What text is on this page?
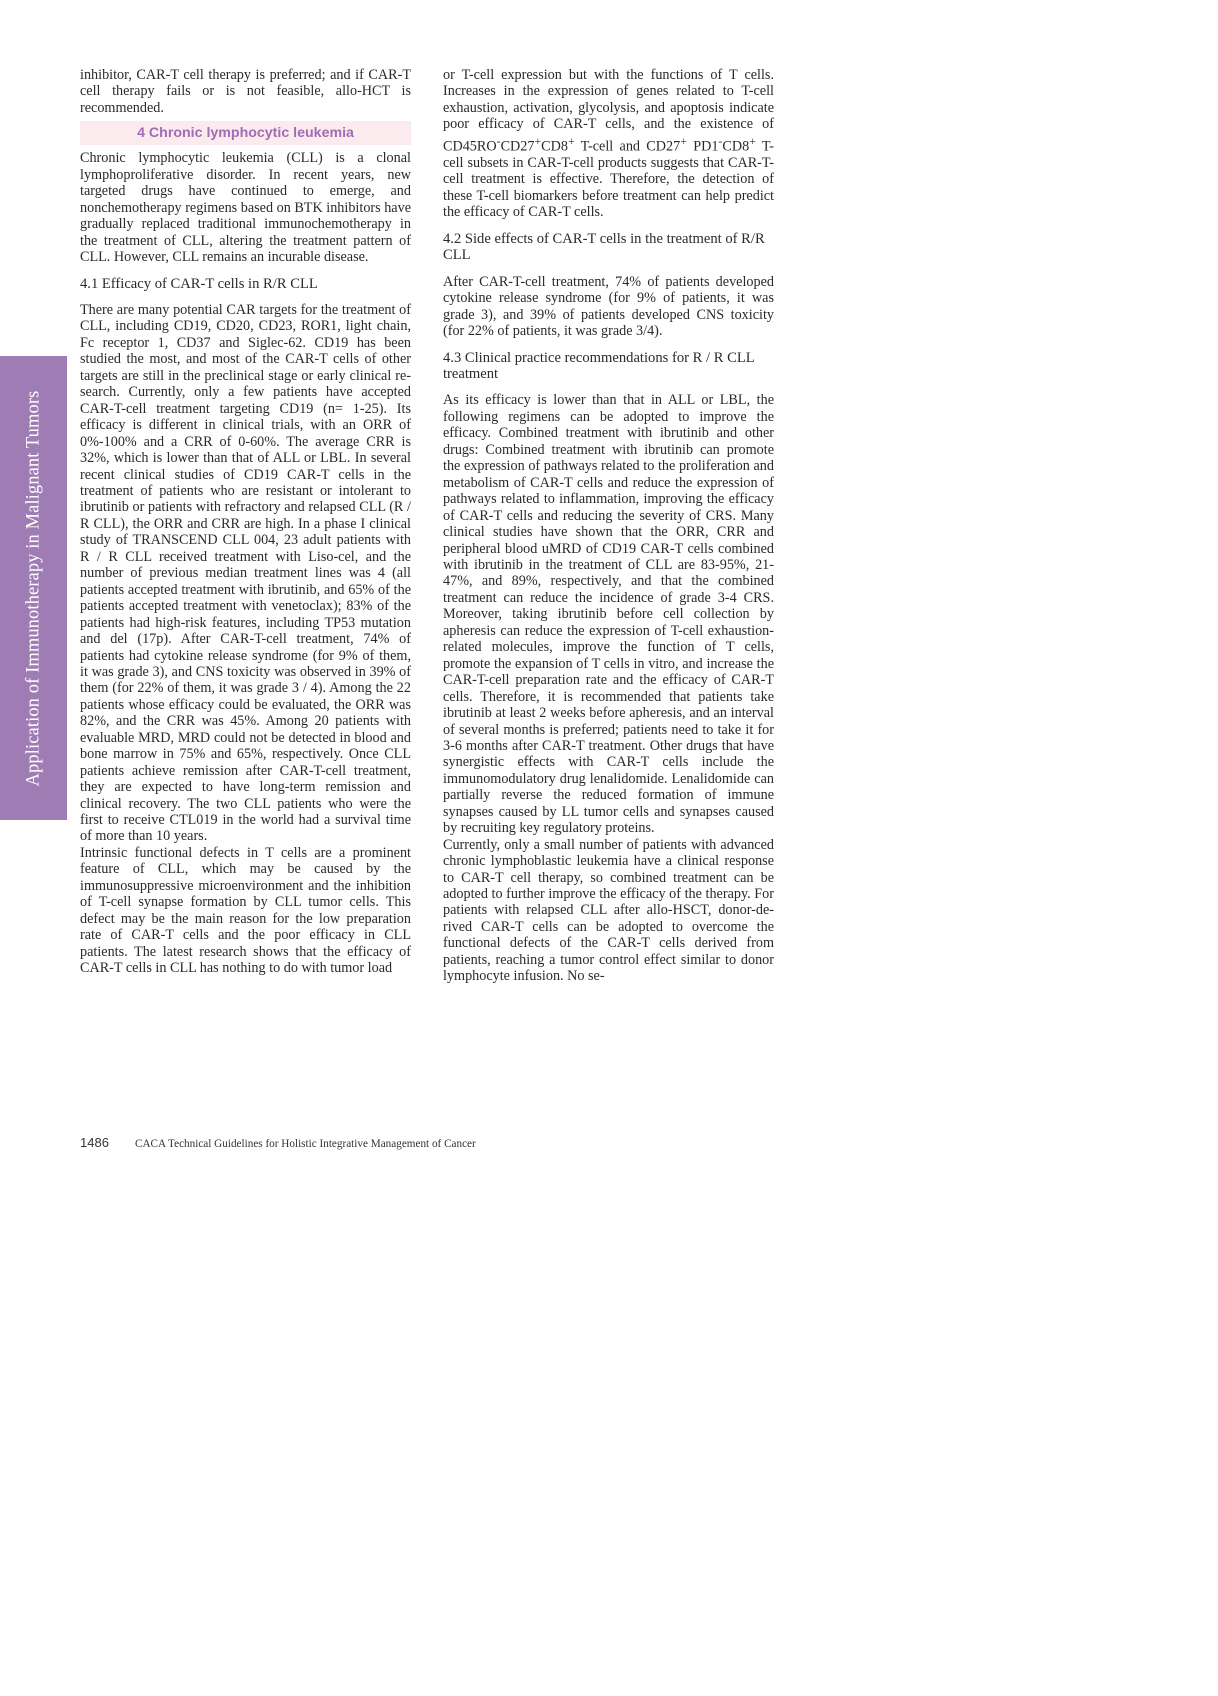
Application of Immunotherapy in Malignant Tumors

inhibitor, CAR-T cell therapy is preferred; and if CAR-T cell therapy fails or is not feasible, allo-HCT is recommended.

4 Chronic lymphocytic leukemia

Chronic lymphocytic leukemia (CLL) is a clonal lymphoproliferative disorder. In recent years, new targeted drugs have continued to emerge, and nonchemotherapy regimens based on BTK inhibitors have gradually replaced traditional immunochemotherapy in the treatment of CLL, altering the treatment pattern of CLL. However, CLL remains an incurable disease.

4.1 Efficacy of CAR-T cells in R/R CLL

There are many potential CAR targets for the treatment of CLL, including CD19, CD20, CD23, ROR1, light chain, Fc receptor 1, CD37 and Siglec-62. CD19 has been studied the most, and most of the CAR-T cells of other targets are still in the preclinical stage or early clinical research. Currently, only a few patients have accepted CAR-T-cell treatment targeting CD19 (n= 1-25). Its efficacy is different in clinical trials, with an ORR of 0%-100% and a CRR of 0-60%. The average CRR is 32%, which is lower than that of ALL or LBL. In several recent clinical studies of CD19 CAR-T cells in the treatment of patients who are resistant or intolerant to ibrutinib or patients with refractory and relapsed CLL (R / R CLL), the ORR and CRR are high. In a phase I clinical study of TRANSCEND CLL 004, 23 adult patients with R / R CLL received treatment with Liso-cel, and the number of previous median treatment lines was 4 (all patients accepted treatment with ibrutinib, and 65% of the patients accepted treatment with venetoclax); 83% of the patients had high-risk features, including TP53 mutation and del (17p). After CAR-T-cell treatment, 74% of patients had cytokine release syndrome (for 9% of them, it was grade 3), and CNS toxicity was observed in 39% of them (for 22% of them, it was grade 3 / 4). Among the 22 patients whose efficacy could be evaluated, the ORR was 82%, and the CRR was 45%. Among 20 patients with evaluable MRD, MRD could not be detected in blood and bone marrow in 75% and 65%, respectively. Once CLL patients achieve remission after CAR-T-cell treatment, they are expected to have long-term remission and clinical recovery. The two CLL patients who were the first to receive CTL019 in the world had a survival time of more than 10 years.

Intrinsic functional defects in T cells are a prominent feature of CLL, which may be caused by the immunosuppressive microenvironment and the inhibition of T-cell synapse formation by CLL tumor cells. This defect may be the main reason for the low preparation rate of CAR-T cells and the poor efficacy in CLL patients. The latest research shows that the efficacy of CAR-T cells in CLL has nothing to do with tumor load

or T-cell expression but with the functions of T cells. Increases in the expression of genes related to T-cell exhaustion, activation, glycolysis, and apoptosis indicate poor efficacy of CAR-T cells, and the existence of CD45RO-CD27+CD8+ T-cell and CD27+ PD1-CD8+ T-cell subsets in CAR-T-cell products suggests that CAR-T-cell treatment is effective. Therefore, the detection of these T-cell biomarkers before treatment can help predict the efficacy of CAR-T cells.

4.2 Side effects of CAR-T cells in the treatment of R/R CLL

After CAR-T-cell treatment, 74% of patients developed cytokine release syndrome (for 9% of patients, it was grade 3), and 39% of patients developed CNS toxicity (for 22% of patients, it was grade 3/4).

4.3 Clinical practice recommendations for R / R CLL treatment

As its efficacy is lower than that in ALL or LBL, the following regimens can be adopted to improve the efficacy. Combined treatment with ibrutinib and other drugs: Combined treatment with ibrutinib can promote the expression of pathways related to the proliferation and metabolism of CAR-T cells and reduce the expression of pathways related to inflammation, improving the efficacy of CAR-T cells and reducing the severity of CRS. Many clinical studies have shown that the ORR, CRR and peripheral blood uMRD of CD19 CAR-T cells combined with ibrutinib in the treatment of CLL are 83-95%, 21-47%, and 89%, respectively, and that the combined treatment can reduce the incidence of grade 3-4 CRS. Moreover, taking ibrutinib before cell collection by apheresis can reduce the expression of T-cell exhaustion-related molecules, improve the function of T cells, promote the expansion of T cells in vitro, and increase the CAR-T-cell preparation rate and the efficacy of CAR-T cells. Therefore, it is recommended that patients take ibrutinib at least 2 weeks before apheresis, and an interval of several months is preferred; patients need to take it for 3-6 months after CAR-T treatment. Other drugs that have synergistic effects with CAR-T cells include the immunomodulatory drug lenalidomide. Lenalidomide can partially reverse the reduced formation of immune synapses caused by LL tumor cells and synapses caused by recruiting key regulatory proteins.

Currently, only a small number of patients with advanced chronic lymphoblastic leukemia have a clinical response to CAR-T cell therapy, so combined treatment can be adopted to further improve the efficacy of the therapy. For patients with relapsed CLL after allo-HSCT, donor-derived CAR-T cells can be adopted to overcome the functional defects of the CAR-T cells derived from patients, reaching a tumor control effect similar to donor lymphocyte infusion. No se-

1486	CACA Technical Guidelines for Holistic Integrative Management of Cancer
